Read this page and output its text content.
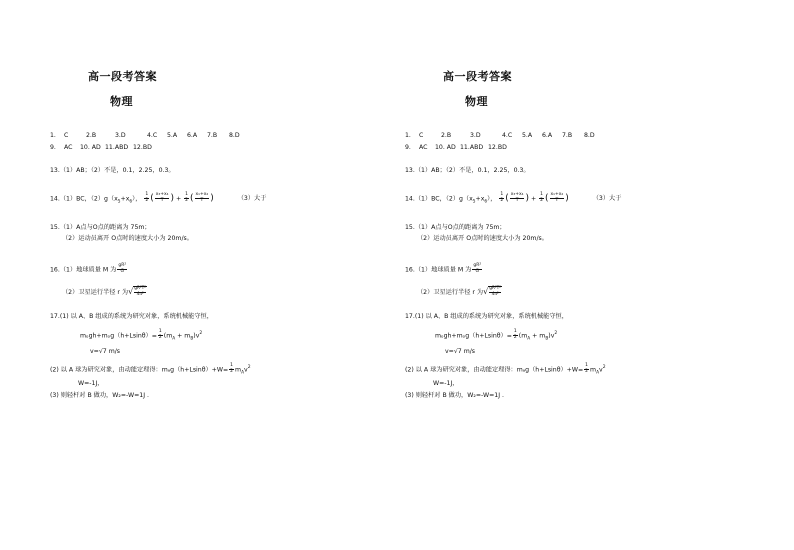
高一段考答案
物理
1. C	2.B	3.D	4.C 5.A 6.A 7.B 8.D
9. AC 10. AD 11.ABD 12.BD
13.（1）AB；（2）不是，0.1，2.25，0.3。
14.（1）BC，$(2)g(x_5+x_6)$， $\frac{1}{2}$ ( $\frac{\text{x₃+x₄}}{T}$ ) + $\frac{1}{2}$ ( $\frac{\text{x₁+x₂}}{T}$ )	（3）大于
15.（1）A点与O点的距离为 75m；
（2）运动员离开 O点时的速度大小为 20m/s。
16.（1）地球质量 M 为 $\frac{\text{gR²}}{G}$
（2）卫星运行半径 r 为√ $\frac{\text{gR²T²}}{\text{4π²}}$
17.(1) 以 A、B 组成的系统为研究对象，系统机械能守恒，
$m_ogh+m_og(h+Lsin\theta)= \frac{1}{2} (m_A + m_B)v^2$
v=√7 m/s
(2) 以 A 球为研究对象，由动能定理得：$m_ag(h+Lsin\theta)+W= \frac{1}{2} m_Av^2$
W=-1J，
(3) 则轻杆对 B 做功，W₂=-W=1J .
高一段考答案
物理
1. C	2.B	3.D	4.C 5.A 6.A 7.B 8.D
9. AC 10. AD 11.ABD 12.BD
13.（1）AB；（2）不是，0.1，2.25，0.3。
14.（1）BC，$(2)g(x_5+x_6)$， $\frac{1}{2}$ ( $\frac{\text{x₃+x₄}}{T}$ ) + $\frac{1}{2}$ ( $\frac{\text{x₁+x₂}}{T}$ )	（3）大于
15.（1）A点与O点的距离为 75m；
（2）运动员离开 O点时的速度大小为 20m/s。
16.（1）地球质量 M 为 $\frac{\text{gR²}}{G}$
（2）卫星运行半径 r 为√ $\frac{\text{gR²T²}}{\text{4π²}}$
17.(1) 以 A、B 组成的系统为研究对象，系统机械能守恒，
$m_ogh+m_og(h+Lsin\theta)= \frac{1}{2} (m_A + m_B)v^2$
v=√7 m/s
(2) 以 A 球为研究对象，由动能定理得：$m_ag(h+Lsin\theta)+W= \frac{1}{2} m_Av^2$
W=-1J，
(3) 则轻杆对 B 做功，W₂=-W=1J .
